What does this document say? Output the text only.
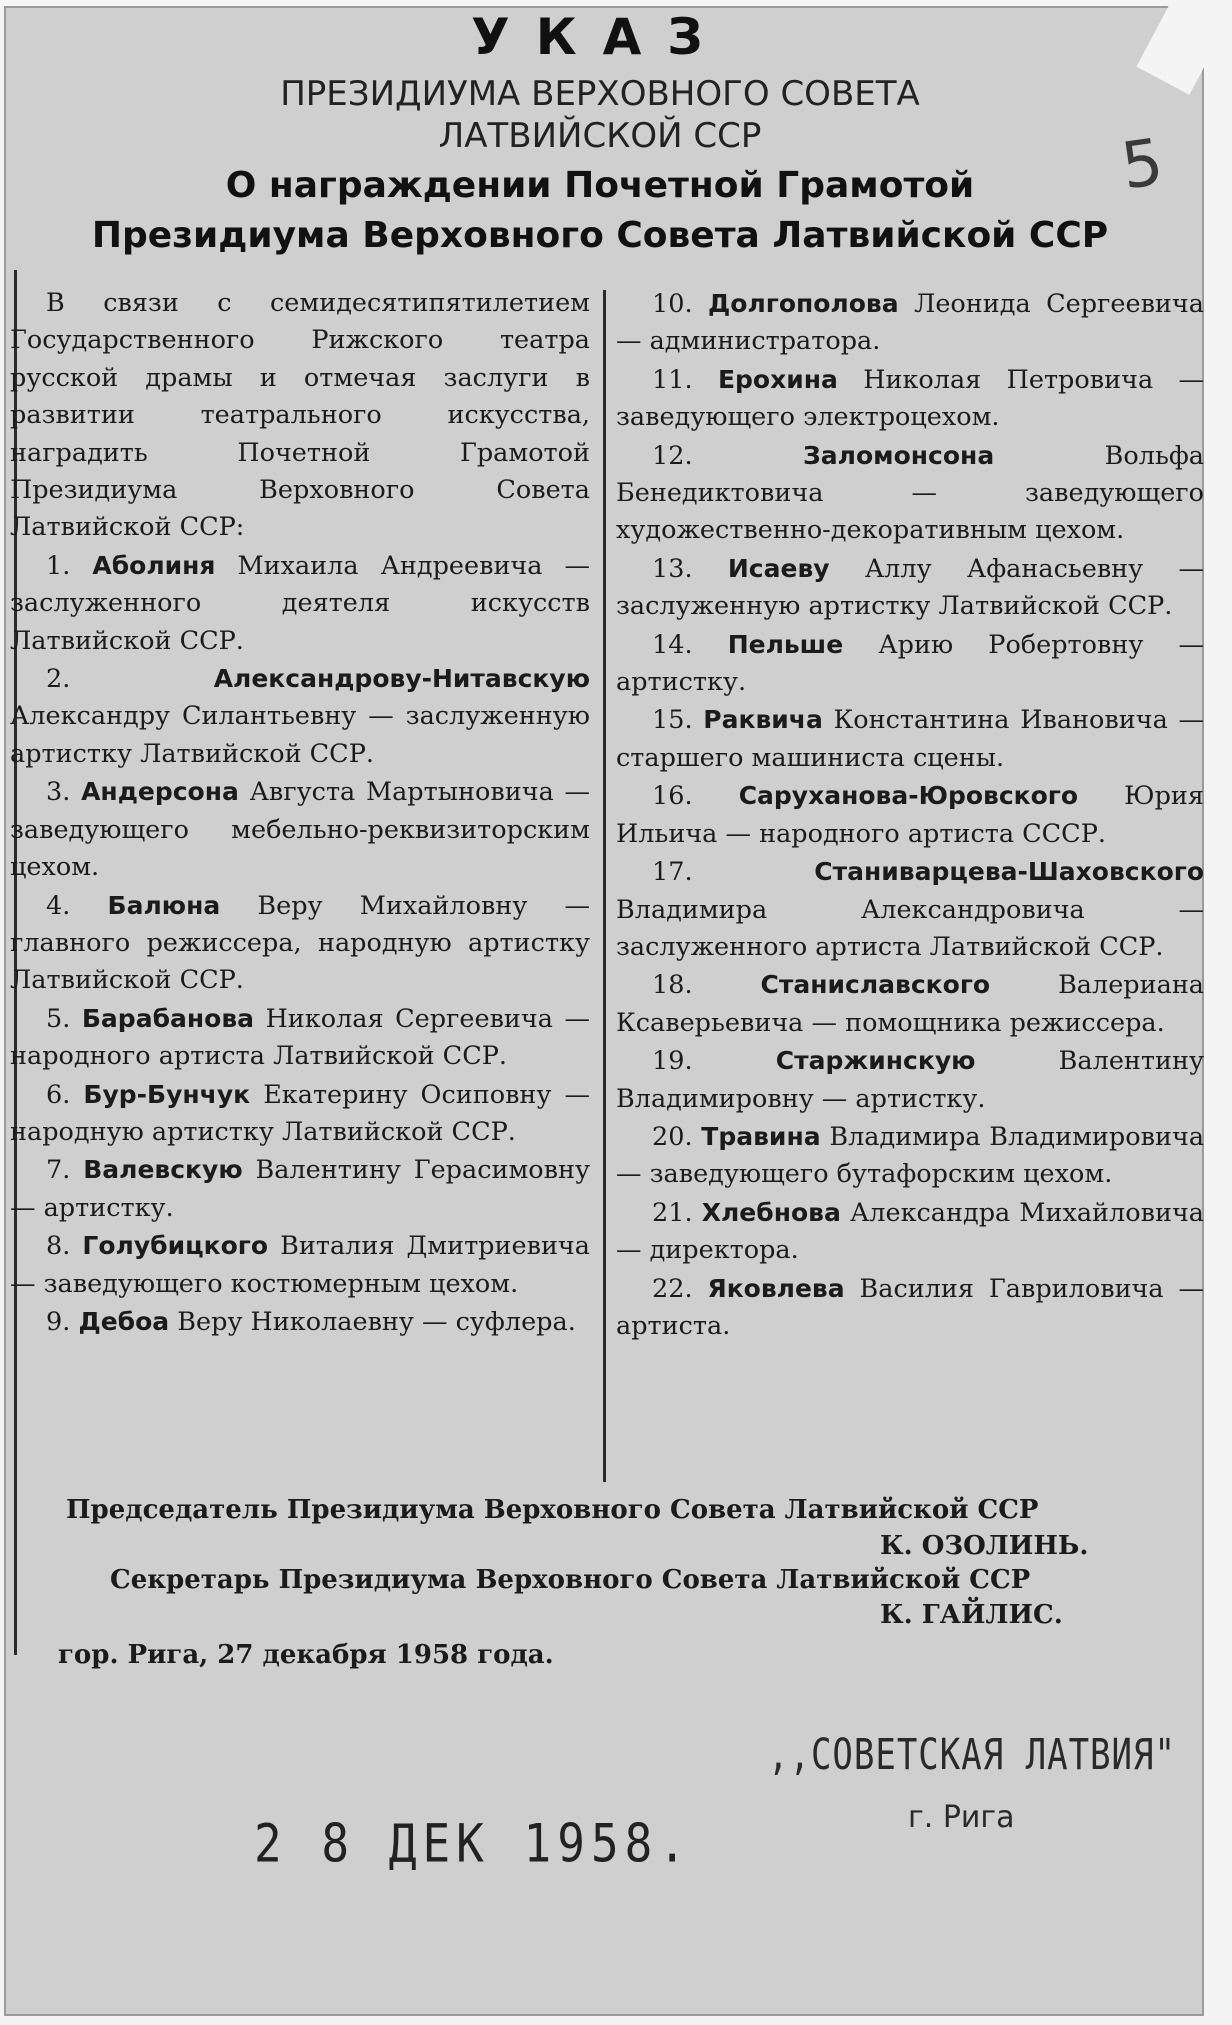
УКАЗ
ПРЕЗИДИУМА ВЕРХОВНОГО СОВЕТА
ЛАТВИЙСКОЙ ССР
О награждении Почетной Грамотой
Президиума Верховного Совета Латвийской ССР
5

В связи с семидесятипятилетием Государственного Рижского театра русской драмы и отмечая заслуги в развитии театрального искусства, наградить Почетной Грамотой Президиума Верховного Совета Латвийской ССР:

1. Аболиня Михаила Андреевича — заслуженного деятеля искусств Латвийской ССР.

2.	Александрову-Нитавскую Александру Силантьевну — заслуженную артистку Латвийской ССР.

3. Андерсона Августа Мартыновича — заведующего мебельно-реквизиторским цехом.

4. Балюна Веру Михайловну — главного режиссера, народную артистку Латвийской ССР.

5. Барабанова Николая Сергеевича — народного артиста Латвийской ССР.

6. Бур-Бунчук Екатерину Осиповну — народную артистку Латвийской ССР.

7. Валевскую Валентину Герасимовну — артистку.

8. Голубицкого Виталия Дмитриевича — заведующего костюмерным цехом.

9. Дебоа Веру Николаевну — суфлера.

10. Долгополова Леонида Сергеевича — администратора.

11. Ерохина Николая Петровича — заведующего электроцехом.

12.	Заломонсона	Вольфа Бенедиктовича — заведующего художественно-декоративным цехом.

13. Исаеву Аллу Афанасьевну — заслуженную артистку Латвийской ССР.

14. Пельше Арию Робертовну — артистку.

15. Раквича Константина Ивановича — старшего машиниста сцены.

16. Саруханова-Юровского Юрия Ильича — народного артиста СССР.

17.	Станиварцева-Шаховского Владимира Александровича — заслуженного артиста Латвийской ССР.

18.	Станиславского	Валериана Ксаверьевича — помощника режиссера.

19.	Старжинскую	Валентину Владимировну — артистку.

20. Травина Владимира Владимировича — заведующего бутафорским цехом.

21. Хлебнова Александра Михайловича — директора.

22. Яковлева Василия Гавриловича — артиста.

Председатель Президиума Верховного Совета Латвийской ССР

К. ОЗОЛИНЬ.

Секретарь Президиума Верховного Совета Латвийской ССР

К. ГАЙЛИС.

гор. Рига, 27 декабря 1958 года.

,,СОВЕТСКАЯ ЛАТВИЯ"
г. Рига
2 8 ДЕК 1958.
